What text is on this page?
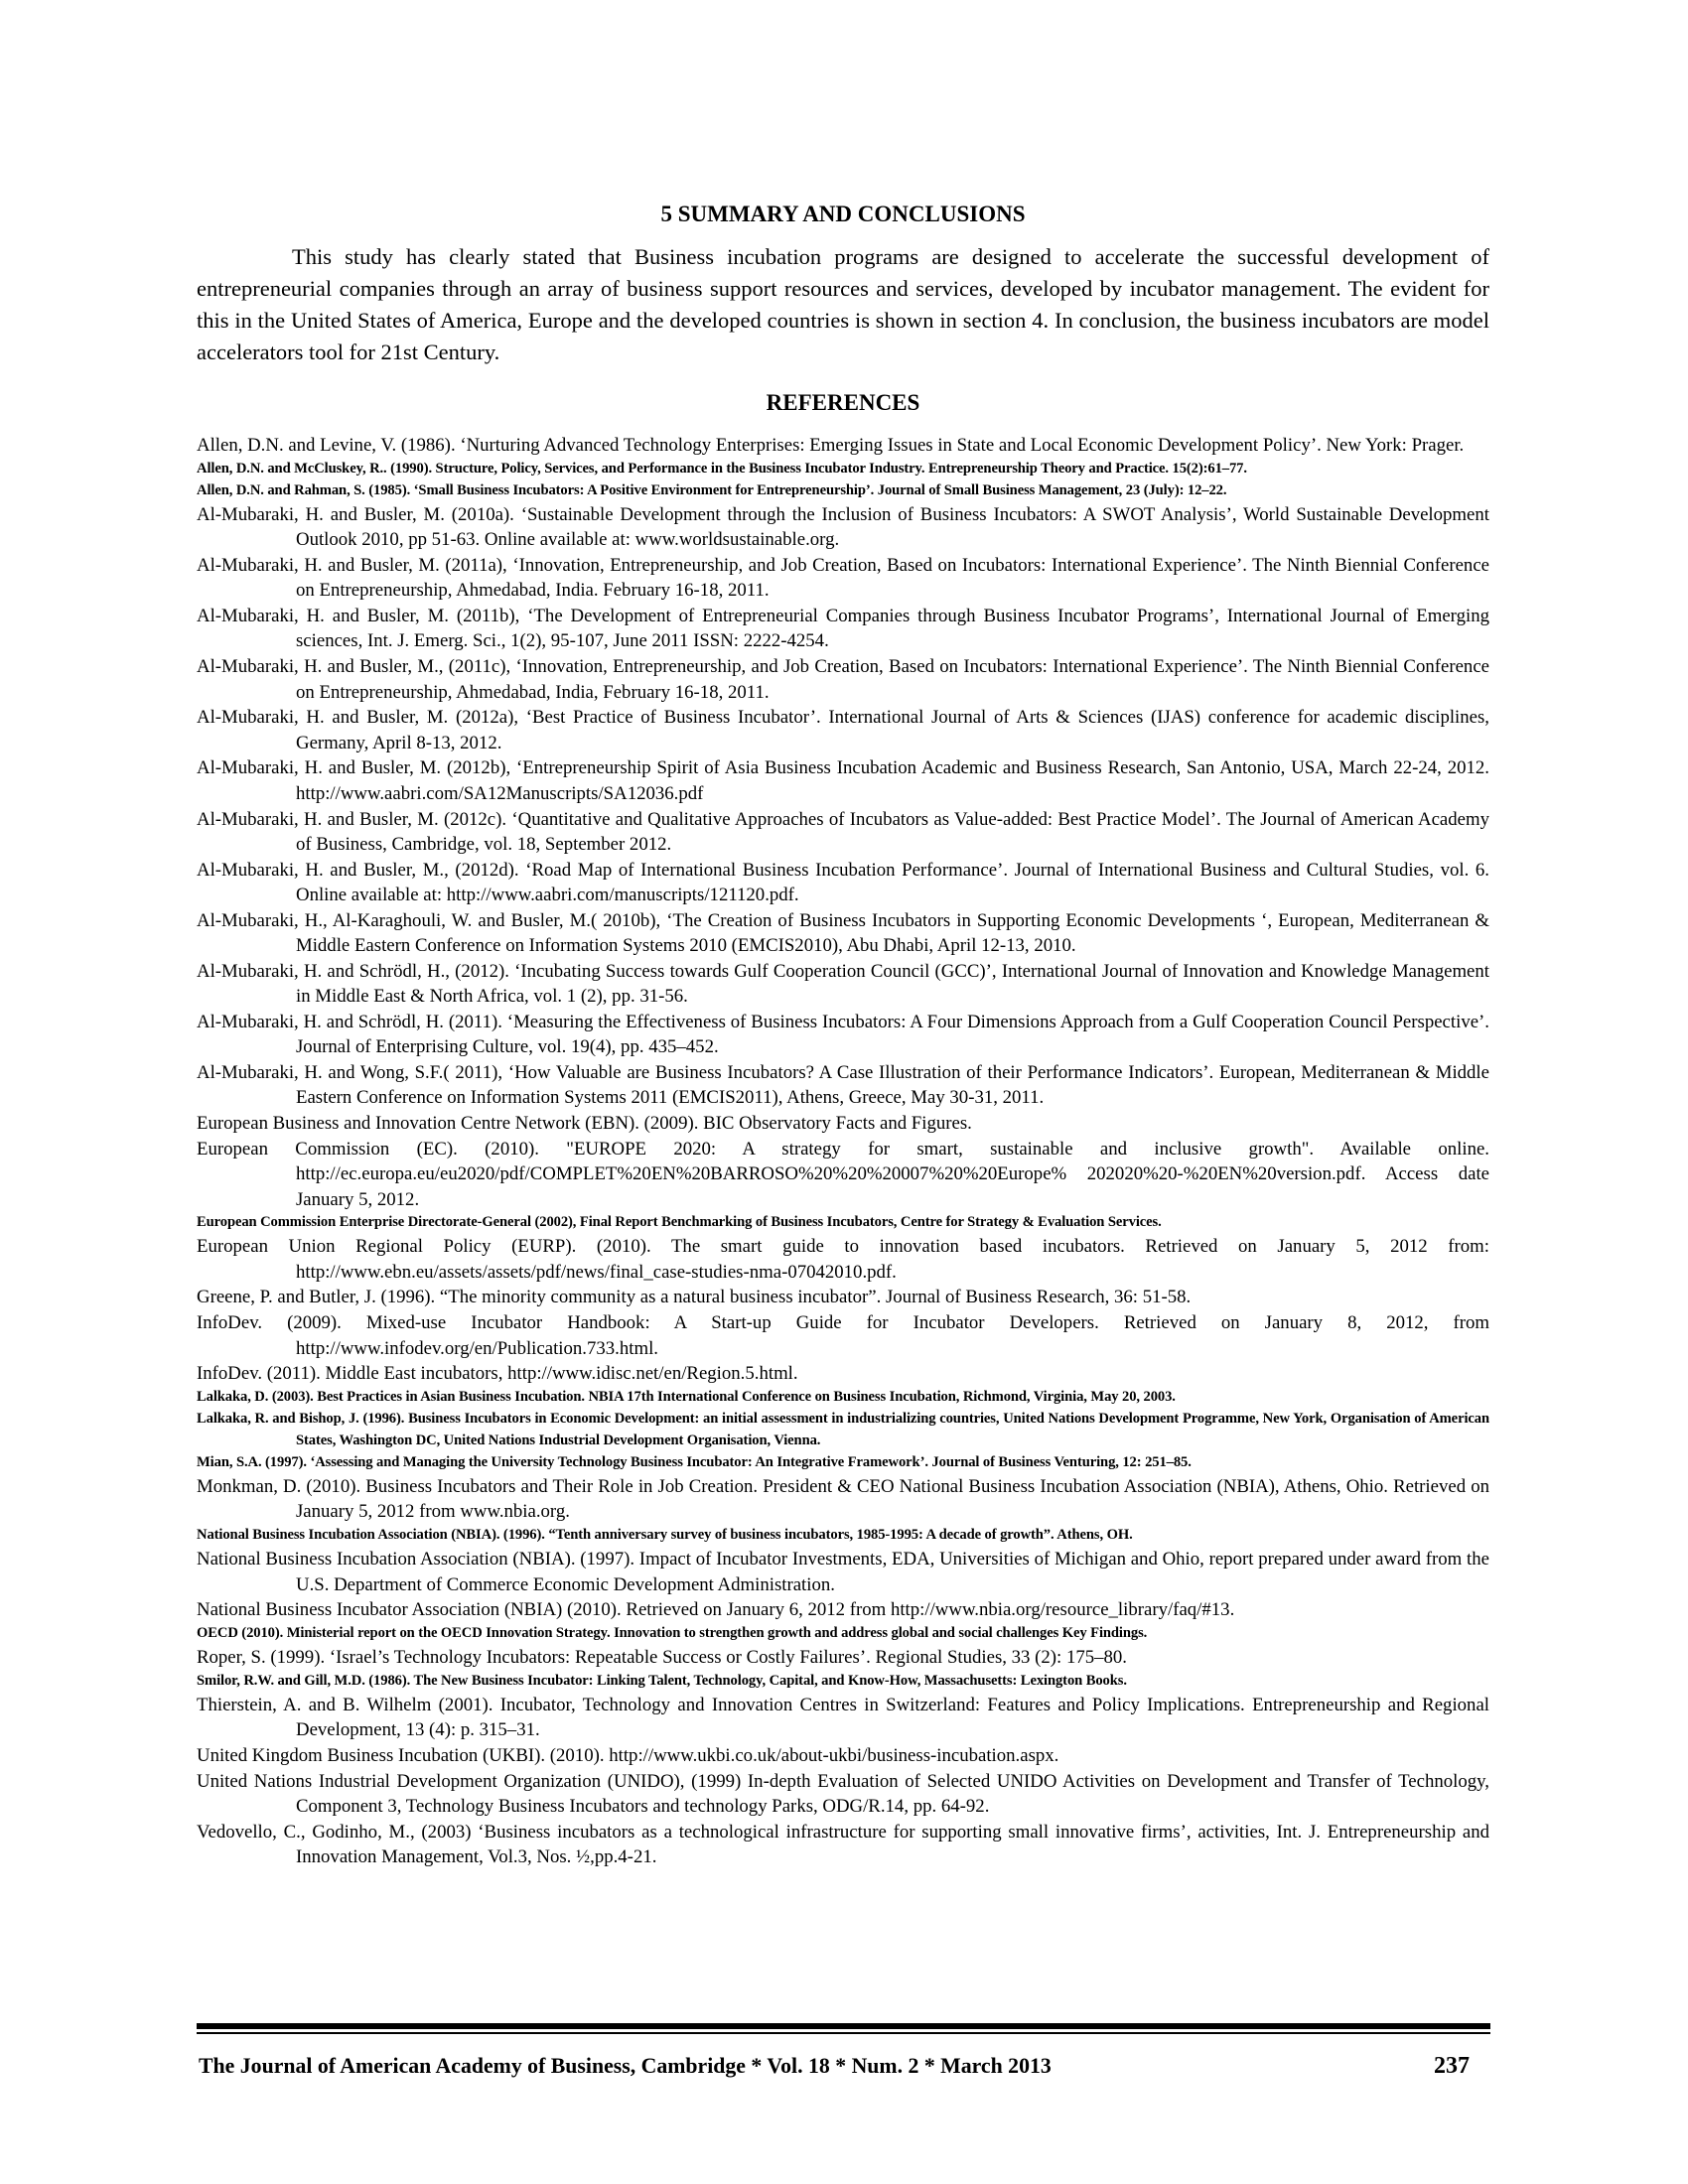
5 SUMMARY AND CONCLUSIONS

This study has clearly stated that Business incubation programs are designed to accelerate the successful development of entrepreneurial companies through an array of business support resources and services, developed by incubator management. The evident for this in the United States of America, Europe and the developed countries is shown in section 4. In conclusion, the business incubators are model accelerators tool for 21st Century.

REFERENCES
Allen, D.N. and Levine, V. (1986). ‘Nurturing Advanced Technology Enterprises: Emerging Issues in State and Local Economic Development Policy’. New York: Prager.
Allen, D.N. and McCluskey, R.. (1990). Structure, Policy, Services, and Performance in the Business Incubator Industry. Entrepreneurship Theory and Practice. 15(2):61–77.
Allen, D.N. and Rahman, S. (1985). ‘Small Business Incubators: A Positive Environment for Entrepreneurship’. Journal of Small Business Management, 23 (July): 12–22.
Al-Mubaraki, H. and Busler, M. (2010a). ‘Sustainable Development through the Inclusion of Business Incubators: A SWOT Analysis’, World Sustainable Development Outlook 2010, pp 51-63. Online available at: www.worldsustainable.org.
Al-Mubaraki, H. and Busler, M. (2011a), ‘Innovation, Entrepreneurship, and Job Creation, Based on Incubators: International Experience’. The Ninth Biennial Conference on Entrepreneurship, Ahmedabad, India. February 16-18, 2011.
Al-Mubaraki, H. and Busler, M. (2011b), ‘The Development of Entrepreneurial Companies through Business Incubator Programs’, International Journal of Emerging sciences, Int. J. Emerg. Sci., 1(2), 95-107, June 2011 ISSN: 2222-4254.
Al-Mubaraki, H. and Busler, M., (2011c), ‘Innovation, Entrepreneurship, and Job Creation, Based on Incubators: International Experience’. The Ninth Biennial Conference on Entrepreneurship, Ahmedabad, India, February 16-18, 2011.
Al-Mubaraki, H. and Busler, M. (2012a), ‘Best Practice of Business Incubator’. International Journal of Arts & Sciences (IJAS) conference for academic disciplines, Germany, April 8-13, 2012.
Al-Mubaraki, H. and Busler, M. (2012b), ‘Entrepreneurship Spirit of Asia Business Incubation Academic and Business Research, San Antonio, USA, March 22-24, 2012. http://www.aabri.com/SA12Manuscripts/SA12036.pdf
Al-Mubaraki, H. and Busler, M. (2012c). ‘Quantitative and Qualitative Approaches of Incubators as Value-added: Best Practice Model’. The Journal of American Academy of Business, Cambridge, vol. 18, September 2012.
Al-Mubaraki, H. and Busler, M., (2012d). ‘Road Map of International Business Incubation Performance’. Journal of International Business and Cultural Studies, vol. 6. Online available at: http://www.aabri.com/manuscripts/121120.pdf.
Al-Mubaraki, H., Al-Karaghouli, W. and Busler, M.( 2010b), ‘The Creation of Business Incubators in Supporting Economic Developments ‘, European, Mediterranean & Middle Eastern Conference on Information Systems 2010 (EMCIS2010), Abu Dhabi, April 12-13, 2010.
Al-Mubaraki, H. and Schrödl, H., (2012). ‘Incubating Success towards Gulf Cooperation Council (GCC)’, International Journal of Innovation and Knowledge Management in Middle East & North Africa, vol. 1 (2), pp. 31-56.
Al-Mubaraki, H. and Schrödl, H. (2011). ‘Measuring the Effectiveness of Business Incubators: A Four Dimensions Approach from a Gulf Cooperation Council Perspective’. Journal of Enterprising Culture, vol. 19(4), pp. 435–452.
Al-Mubaraki, H. and Wong, S.F.( 2011), ‘How Valuable are Business Incubators? A Case Illustration of their Performance Indicators’. European, Mediterranean & Middle Eastern Conference on Information Systems 2011 (EMCIS2011), Athens, Greece, May 30-31, 2011.
European Business and Innovation Centre Network (EBN). (2009). BIC Observatory Facts and Figures.
European Commission (EC). (2010). "EUROPE 2020: A strategy for smart, sustainable and inclusive growth". Available online. http://ec.europa.eu/eu2020/pdf/COMPLET%20EN%20BARROSO%20%20%20007%20%20Europe% 202020%20-%20EN%20version.pdf. Access date January 5, 2012.
European Commission Enterprise Directorate-General (2002), Final Report Benchmarking of Business Incubators, Centre for Strategy & Evaluation Services.
European Union Regional Policy (EURP). (2010). The smart guide to innovation based incubators. Retrieved on January 5, 2012 from: http://www.ebn.eu/assets/assets/pdf/news/final_case-studies-nma-07042010.pdf.
Greene, P. and Butler, J. (1996). “The minority community as a natural business incubator”. Journal of Business Research, 36: 51-58.
InfoDev. (2009). Mixed-use Incubator Handbook: A Start-up Guide for Incubator Developers. Retrieved on January 8, 2012, from http://www.infodev.org/en/Publication.733.html.
InfoDev. (2011). Middle East incubators, http://www.idisc.net/en/Region.5.html.
Lalkaka, D. (2003). Best Practices in Asian Business Incubation. NBIA 17th International Conference on Business Incubation, Richmond, Virginia, May 20, 2003.
Lalkaka, R. and Bishop, J. (1996). Business Incubators in Economic Development: an initial assessment in industrializing countries, United Nations Development Programme, New York, Organisation of American States, Washington DC, United Nations Industrial Development Organisation, Vienna.
Mian, S.A. (1997). ‘Assessing and Managing the University Technology Business Incubator: An Integrative Framework’. Journal of Business Venturing, 12: 251–85.
Monkman, D. (2010). Business Incubators and Their Role in Job Creation. President & CEO National Business Incubation Association (NBIA), Athens, Ohio. Retrieved on January 5, 2012 from www.nbia.org.
National Business Incubation Association (NBIA). (1996). “Tenth anniversary survey of business incubators, 1985-1995: A decade of growth”. Athens, OH.
National Business Incubation Association (NBIA). (1997). Impact of Incubator Investments, EDA, Universities of Michigan and Ohio, report prepared under award from the U.S. Department of Commerce Economic Development Administration.
National Business Incubator Association (NBIA) (2010). Retrieved on January 6, 2012 from http://www.nbia.org/resource_library/faq/#13.
OECD (2010). Ministerial report on the OECD Innovation Strategy. Innovation to strengthen growth and address global and social challenges Key Findings.
Roper, S. (1999). ‘Israel’s Technology Incubators: Repeatable Success or Costly Failures’. Regional Studies, 33 (2): 175–80.
Smilor, R.W. and Gill, M.D. (1986). The New Business Incubator: Linking Talent, Technology, Capital, and Know-How, Massachusetts: Lexington Books.
Thierstein, A. and B. Wilhelm (2001). Incubator, Technology and Innovation Centres in Switzerland: Features and Policy Implications. Entrepreneurship and Regional Development, 13 (4): p. 315–31.
United Kingdom Business Incubation (UKBI). (2010). http://www.ukbi.co.uk/about-ukbi/business-incubation.aspx.
United Nations Industrial Development Organization (UNIDO), (1999) In-depth Evaluation of Selected UNIDO Activities on Development and Transfer of Technology, Component 3, Technology Business Incubators and technology Parks, ODG/R.14, pp. 64-92.
Vedovello, C., Godinho, M., (2003) ‘Business incubators as a technological infrastructure for supporting small innovative firms’, activities, Int. J. Entrepreneurship and Innovation Management, Vol.3, Nos. ½,pp.4-21.
The Journal of American Academy of Business, Cambridge * Vol. 18 * Num. 2 * March 2013	237
